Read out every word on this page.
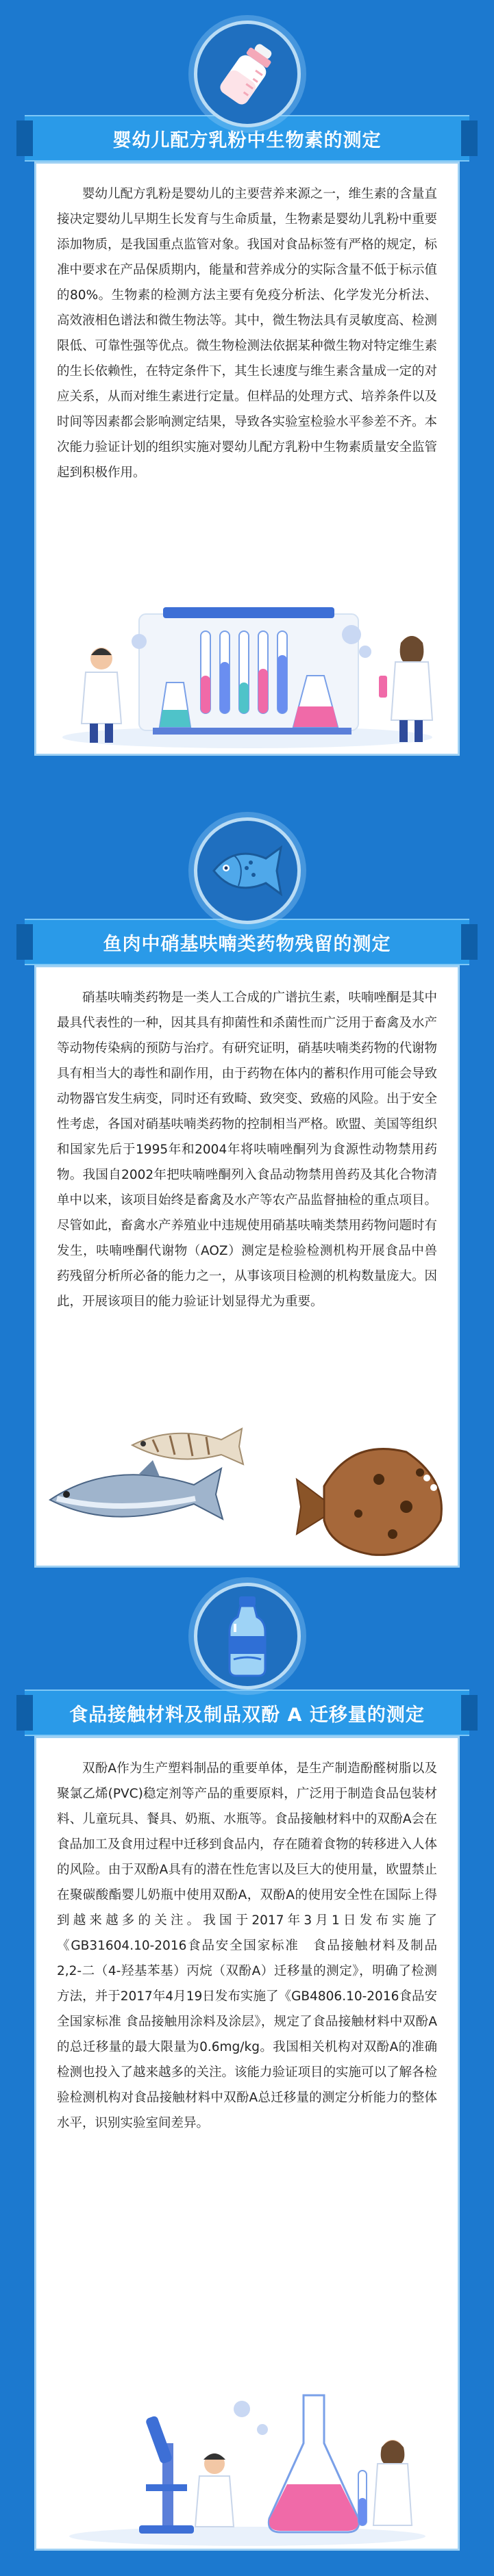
婴幼儿配方乳粉中生物素的测定

婴幼儿配方乳粉是婴幼儿的主要营养来源之一，维生素的含量直接决定婴幼儿早期生长发育与生命质量，生物素是婴幼儿乳粉中重要添加物质，是我国重点监管对象。我国对食品标签有严格的规定，标准中要求在产品保质期内，能量和营养成分的实际含量不低于标示值的80%。生物素的检测方法主要有免疫分析法、化学发光分析法、高效液相色谱法和微生物法等。其中，微生物法具有灵敏度高、检测限低、可靠性强等优点。微生物检测法依据某种微生物对特定维生素的生长依赖性，在特定条件下，其生长速度与维生素含量成一定的对应关系，从而对维生素进行定量。但样品的处理方式、培养条件以及时间等因素都会影响测定结果，导致各实验室检验水平参差不齐。本次能力验证计划的组织实施对婴幼儿配方乳粉中生物素质量安全监管起到积极作用。

鱼肉中硝基呋喃类药物残留的测定

硝基呋喃类药物是一类人工合成的广谱抗生素，呋喃唑酮是其中最具代表性的一种，因其具有抑菌性和杀菌性而广泛用于畜禽及水产等动物传染病的预防与治疗。有研究证明，硝基呋喃类药物的代谢物具有相当大的毒性和副作用，由于药物在体内的蓄积作用可能会导致动物器官发生病变，同时还有致畸、致突变、致癌的风险。出于安全性考虑，各国对硝基呋喃类药物的控制相当严格。欧盟、美国等组织和国家先后于1995年和2004年将呋喃唑酮列为食源性动物禁用药物。我国自2002年把呋喃唑酮列入食品动物禁用兽药及其化合物清单中以来，该项目始终是畜禽及水产等农产品监督抽检的重点项目。尽管如此，畜禽水产养殖业中违规使用硝基呋喃类禁用药物问题时有发生，呋喃唑酮代谢物（AOZ）测定是检验检测机构开展食品中兽药残留分析所必备的能力之一，从事该项目检测的机构数量庞大。因此，开展该项目的能力验证计划显得尤为重要。

食品接触材料及制品双酚 A 迁移量的测定

双酚A作为生产塑料制品的重要单体，是生产制造酚醛树脂以及聚氯乙烯(PVC)稳定剂等产品的重要原料，广泛用于制造食品包装材料、儿童玩具、餐具、奶瓶、水瓶等。食品接触材料中的双酚A会在食品加工及食用过程中迁移到食品内，存在随着食物的转移进入人体的风险。由于双酚A具有的潜在性危害以及巨大的使用量，欧盟禁止在聚碳酸酯婴儿奶瓶中使用双酚A，双酚A的使用安全性在国际上得到越来越多的关注。我国于2017年3月1日发布实施了《GB31604.10-2016食品安全国家标准　食品接触材料及制品2,2-二（4-羟基苯基）丙烷（双酚A）迁移量的测定》，明确了检测方法，并于2017年4月19日发布实施了《GB4806.10-2016食品安全国家标准 食品接触用涂料及涂层》，规定了食品接触材料中双酚A的总迁移量的最大限量为0.6mg/kg。我国相关机构对双酚A的准确检测也投入了越来越多的关注。该能力验证项目的实施可以了解各检验检测机构对食品接触材料中双酚A总迁移量的测定分析能力的整体水平，识别实验室间差异。
